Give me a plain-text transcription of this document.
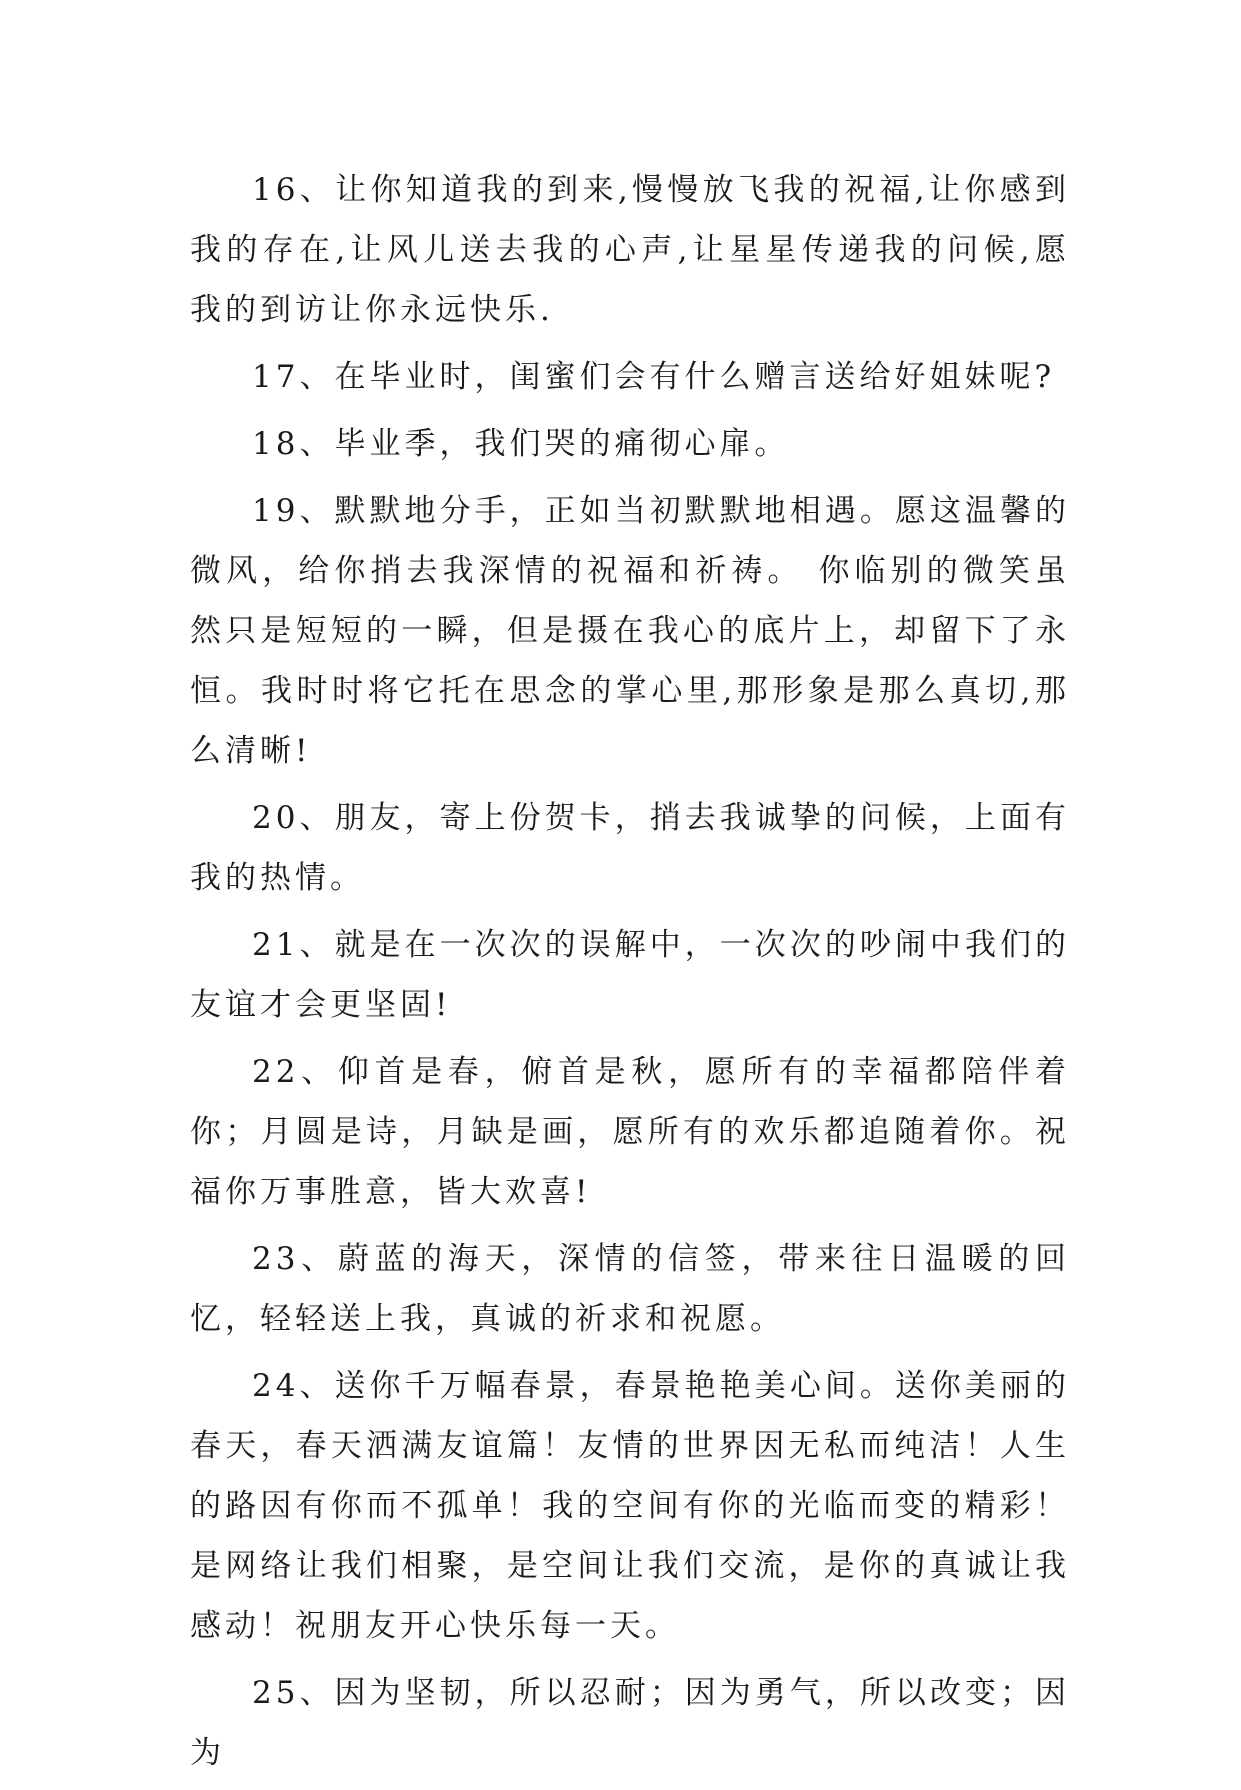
16、让你知道我的到来,慢慢放飞我的祝福,让你感到我的存在,让风儿送去我的心声,让星星传递我的问候,愿我的到访让你永远快乐.

17、在毕业时，闺蜜们会有什么赠言送给好姐妹呢?

18、毕业季，我们哭的痛彻心扉。

19、默默地分手，正如当初默默地相遇。愿这温馨的微风，给你捎去我深情的祝福和祈祷。 你临别的微笑虽然只是短短的一瞬，但是摄在我心的底片上，却留下了永恒。我时时将它托在思念的掌心里,那形象是那么真切,那么清晰!

20、朋友，寄上份贺卡，捎去我诚挚的问候，上面有我的热情。

21、就是在一次次的误解中，一次次的吵闹中我们的友谊才会更坚固!

22、仰首是春，俯首是秋，愿所有的幸福都陪伴着你；月圆是诗，月缺是画，愿所有的欢乐都追随着你。祝福你万事胜意，皆大欢喜!

23、蔚蓝的海天，深情的信签，带来往日温暖的回忆，轻轻送上我，真诚的祈求和祝愿。

24、送你千万幅春景，春景艳艳美心间。送你美丽的春天，春天洒满友谊篇！友情的世界因无私而纯洁！人生的路因有你而不孤单！我的空间有你的光临而变的精彩！是网络让我们相聚，是空间让我们交流，是你的真诚让我感动！祝朋友开心快乐每一天。

25、因为坚韧，所以忍耐；因为勇气，所以改变；因为
